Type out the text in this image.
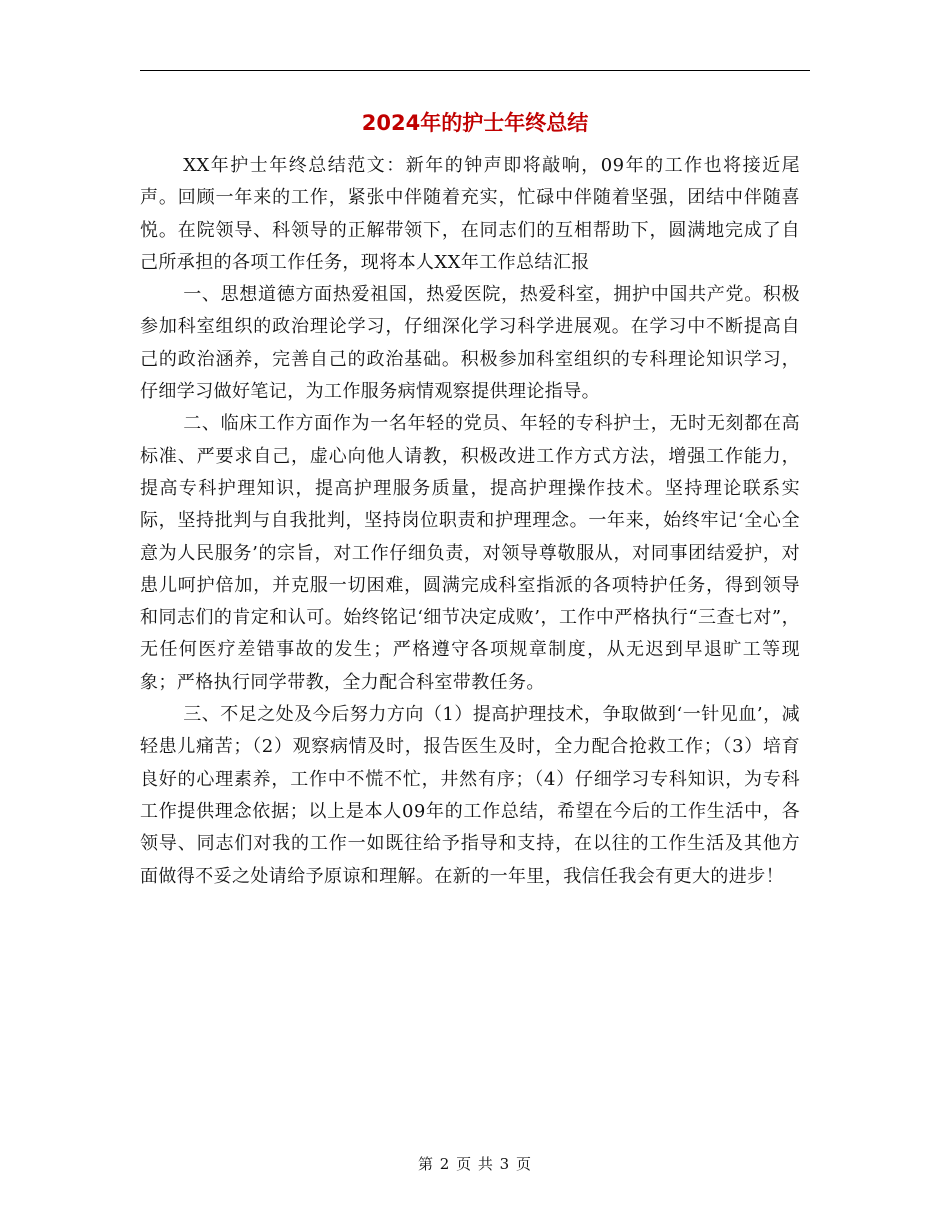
2024年的护士年终总结

XX年护士年终总结范文：新年的钟声即将敲响，09年的工作也将接近尾声。回顾一年来的工作，紧张中伴随着充实，忙碌中伴随着坚强，团结中伴随喜悦。在院领导、科领导的正解带领下，在同志们的互相帮助下，圆满地完成了自己所承担的各项工作任务，现将本人XX年工作总结汇报

一、思想道德方面热爱祖国，热爱医院，热爱科室，拥护中国共产党。积极参加科室组织的政治理论学习，仔细深化学习科学进展观。在学习中不断提高自己的政治涵养，完善自己的政治基础。积极参加科室组织的专科理论知识学习，仔细学习做好笔记，为工作服务病情观察提供理论指导。

二、临床工作方面作为一名年轻的党员、年轻的专科护士，无时无刻都在高标准、严要求自己，虚心向他人请教，积极改进工作方式方法，增强工作能力，提高专科护理知识，提高护理服务质量，提高护理操作技术。坚持理论联系实际，坚持批判与自我批判，坚持岗位职责和护理理念。一年来，始终牢记‘全心全意为人民服务’的宗旨，对工作仔细负责，对领导尊敬服从，对同事团结爱护，对患儿呵护倍加，并克服一切困难，圆满完成科室指派的各项特护任务，得到领导和同志们的肯定和认可。始终铭记‘细节决定成败’，工作中严格执行“三查七对”，无任何医疗差错事故的发生；严格遵守各项规章制度，从无迟到早退旷工等现象；严格执行同学带教，全力配合科室带教任务。

三、不足之处及今后努力方向（1）提高护理技术，争取做到‘一针见血’，减轻患儿痛苦；（2）观察病情及时，报告医生及时，全力配合抢救工作；（3）培育良好的心理素养，工作中不慌不忙，井然有序；（4）仔细学习专科知识，为专科工作提供理念依据；以上是本人09年的工作总结，希望在今后的工作生活中，各领导、同志们对我的工作一如既往给予指导和支持，在以往的工作生活及其他方面做得不妥之处请给予原谅和理解。在新的一年里，我信任我会有更大的进步！

第 2 页 共 3 页
